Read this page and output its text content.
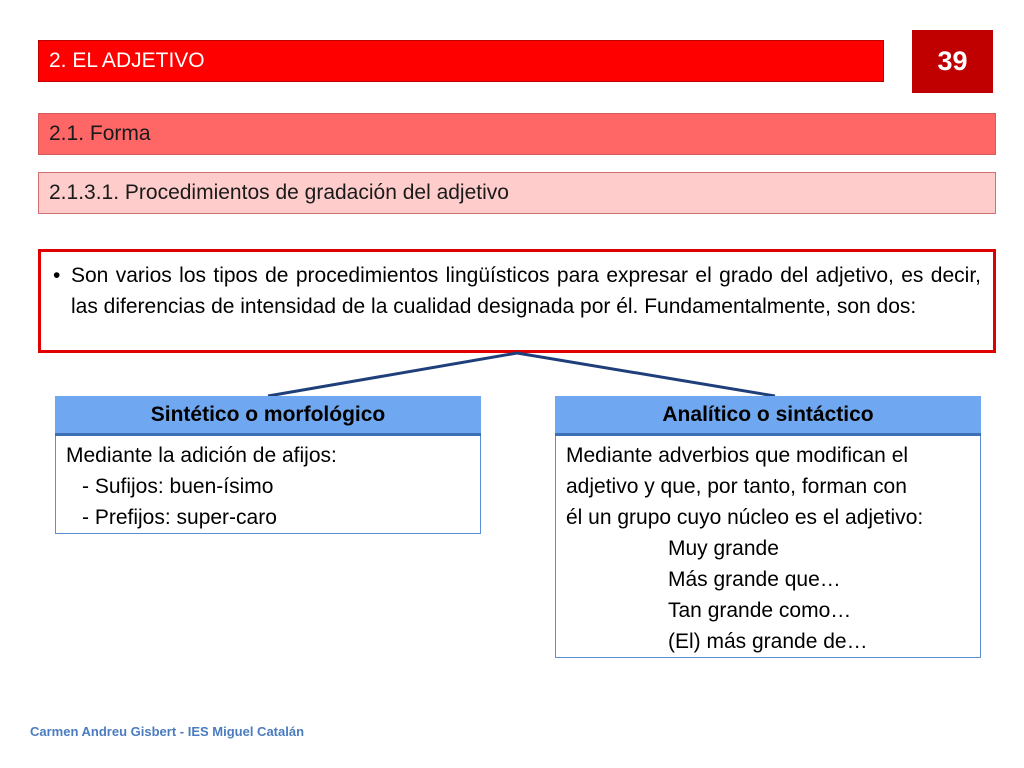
2. EL ADJETIVO	39
2.1. Forma
2.1.3.1. Procedimientos de gradación del adjetivo
• Son varios los tipos de procedimientos lingüísticos para expresar el grado del adjetivo, es decir, las diferencias de intensidad de la cualidad designada por él. Fundamentalmente, son dos:
Sintético o morfológico
Mediante la adición de afijos:
- Sufijos: buen-ísimo
- Prefijos: super-caro
Analítico o sintáctico
Mediante adverbios que modifican el
adjetivo y que, por tanto, forman con
él un grupo cuyo núcleo es el adjetivo:
Muy grande
Más grande que…
Tan grande como…
(El) más grande de…
Carmen Andreu Gisbert - IES Miguel Catalán
